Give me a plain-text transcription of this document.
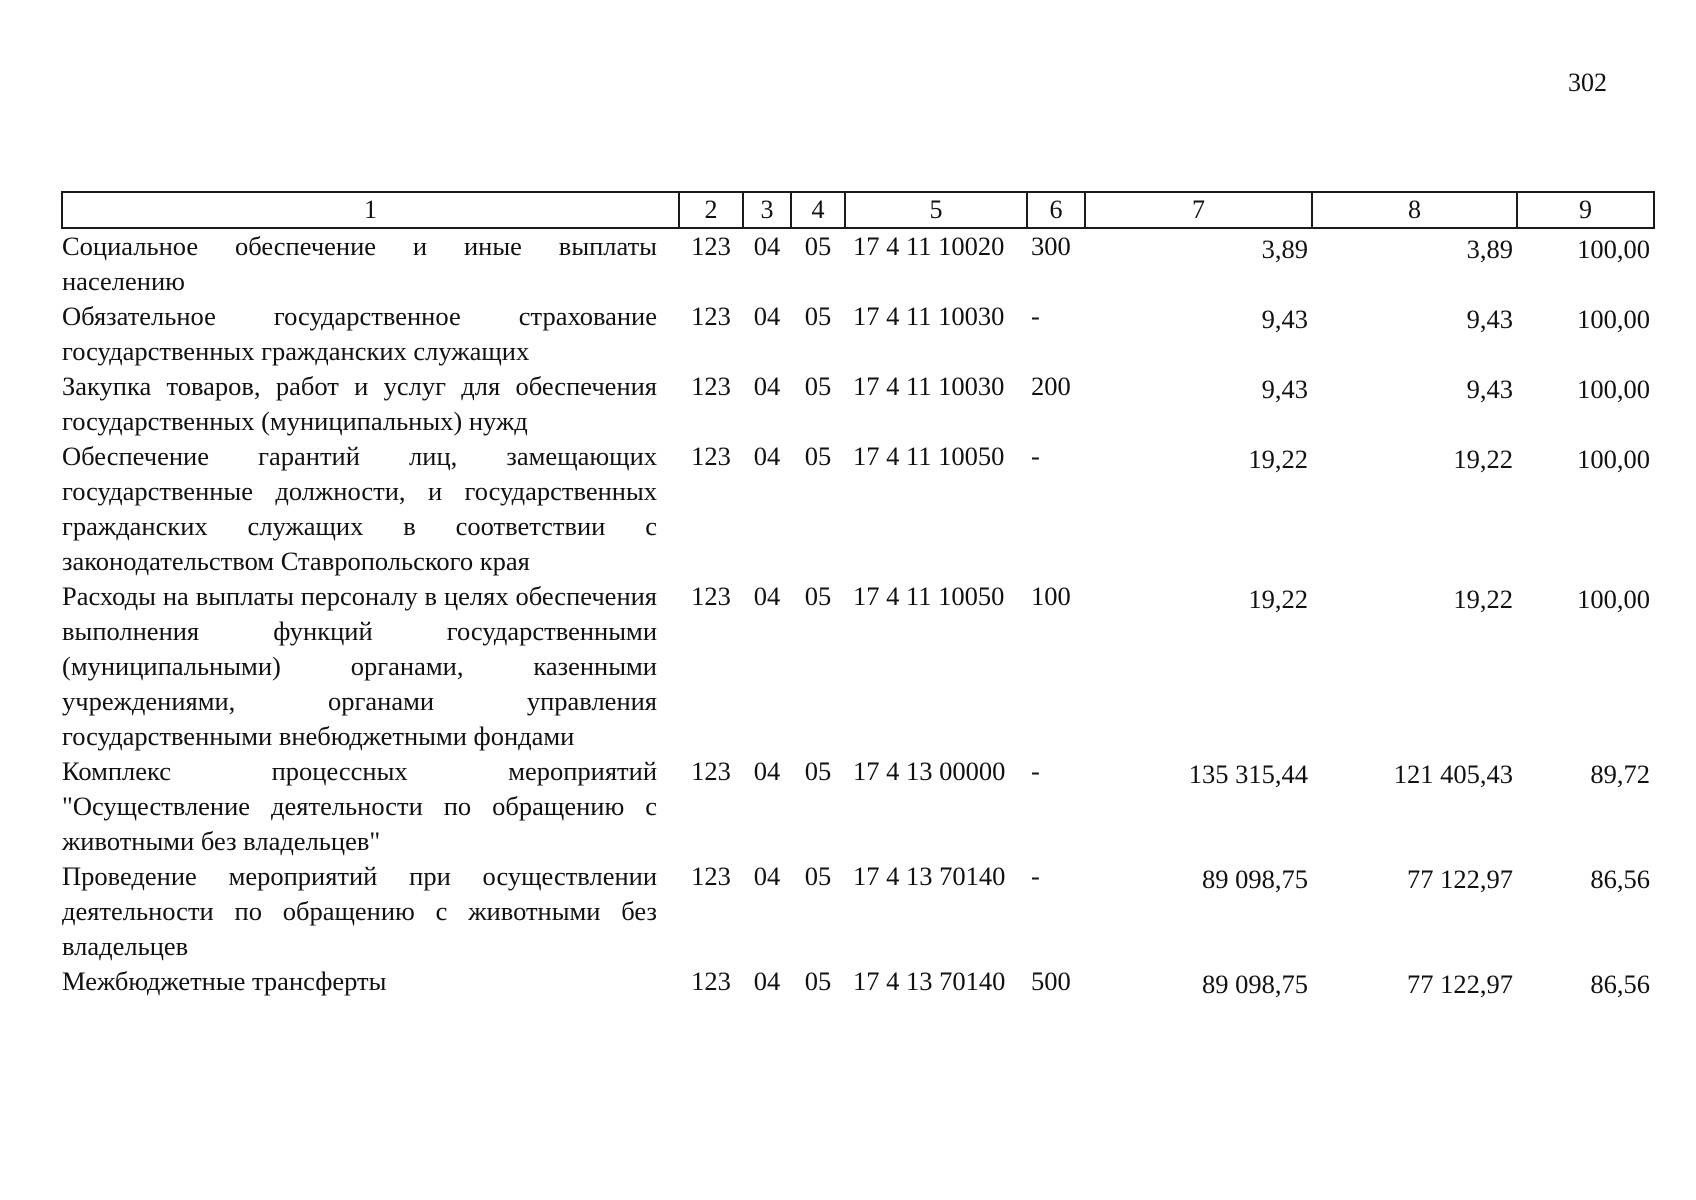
302
1	2	3	4	5	6	7	8	9
Социальное обеспечение и иные выплаты населению	123	04	05	17 4 11 10020	300	3,89	3,89	100,00
Обязательное государственное страхование государственных гражданских служащих	123	04	05	17 4 11 10030	-	9,43	9,43	100,00
Закупка товаров, работ и услуг для обеспечения государственных (муниципальных) нужд	123	04	05	17 4 11 10030	200	9,43	9,43	100,00
Обеспечение гарантий лиц, замещающих государственные должности, и государственных гражданских служащих в соответствии с законодательством Ставропольского края	123	04	05	17 4 11 10050	-	19,22	19,22	100,00
Расходы на выплаты персоналу в целях обеспечения выполнения функций государственными (муниципальными) органами, казенными учреждениями, органами управления государственными внебюджетными фондами	123	04	05	17 4 11 10050	100	19,22	19,22	100,00
Комплекс процессных мероприятий "Осуществление деятельности по обращению с животными без владельцев"	123	04	05	17 4 13 00000	-	135 315,44	121 405,43	89,72
Проведение мероприятий при осуществлении деятельности по обращению с животными без владельцев	123	04	05	17 4 13 70140	-	89 098,75	77 122,97	86,56
Межбюджетные трансферты	123	04	05	17 4 13 70140	500	89 098,75	77 122,97	86,56
